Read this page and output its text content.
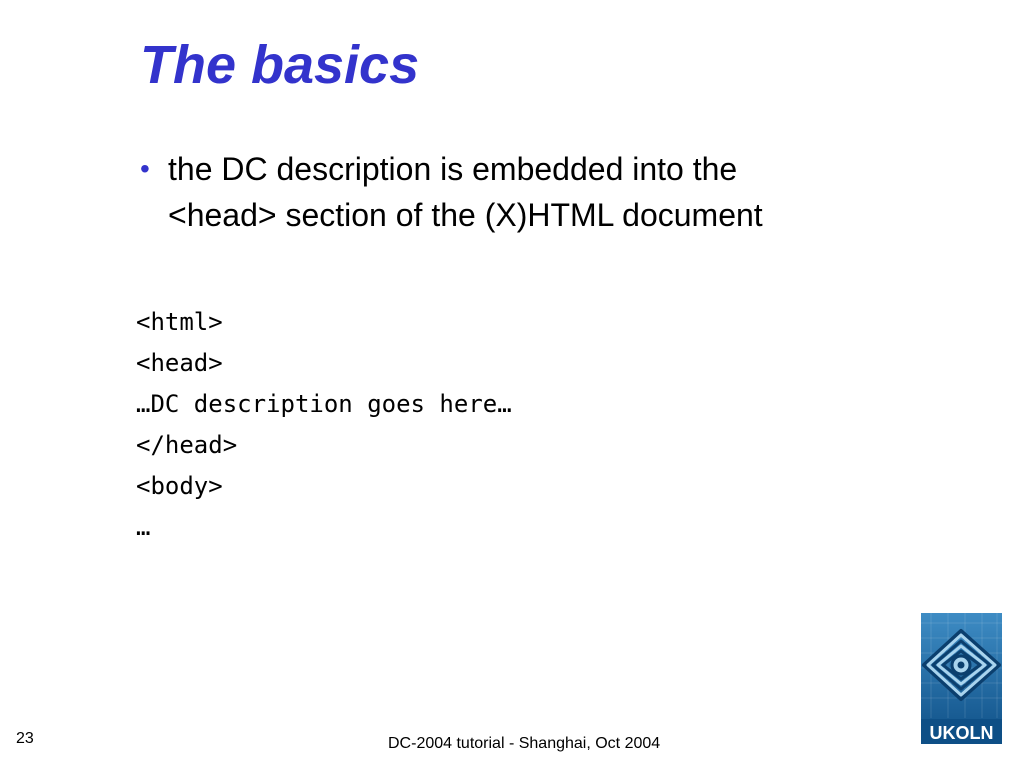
The basics
• the DC description is embedded into the
<head> section of the (X)HTML document
<html>
<head>
…DC description goes here…
</head>
<body>
…
UKOLN
23	DC-2004 tutorial - Shanghai, Oct 2004
